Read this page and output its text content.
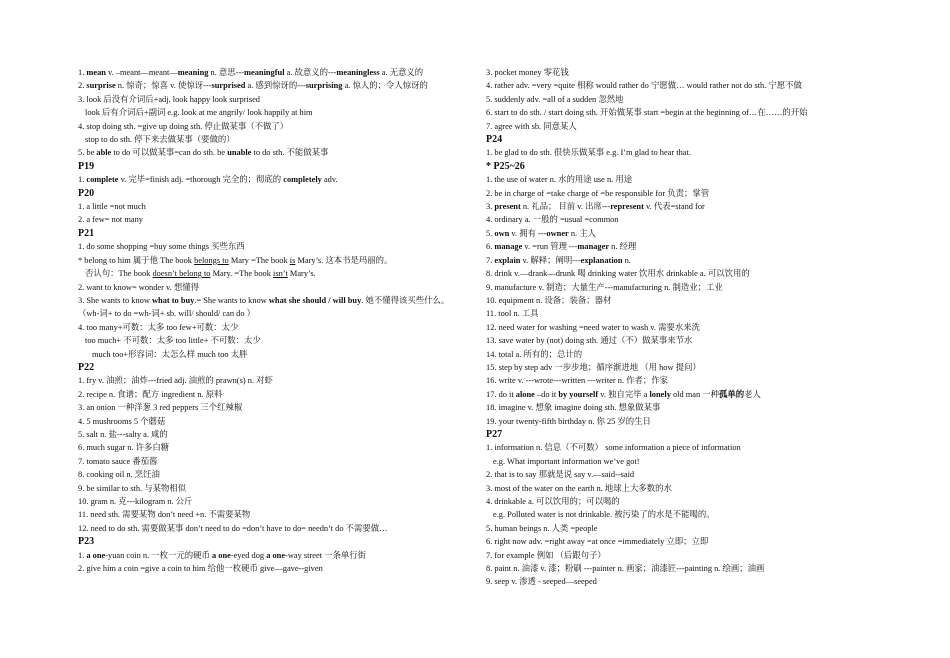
1. mean v. –meant—meant—meaning n. 意思---meaningful a. 故意义的---meaningless a. 无意义的
2. surprise n. 惊奇；惊喜 v. 使惊讶---surprised a. 感到惊讶的---surprising a. 惊人的；令人惊讶的
3. look 后没有介词后+adj. look happy look surprised
look 后有介词后+副词 e.g. look at me angrily/ look happily at him
4. stop doing sth. =give up doing sth. 停止做某事（不做了）
stop to do sth. 停下来去做某事（要做的）
5. be able to do 可以做某事=can do sth. be unable to do sth. 不能做某事
P19
1. complete v. 完毕=finish adj. =thorough 完全的；彻底的 completely adv.
P20
1. a little =not much
2. a few= not many
P21
1. do some shopping =buy some things 买些东西
* belong to him 属于他 The book belongs to Mary =The book is Mary’s. 这本书是玛丽的。
否认句：The book doesn’t belong to Mary. =The book isn’t Mary’s.
2. want to know= wonder v. 想懂得
3. She wants to know what to buy.= She wants to know what she should / will buy. 她不懂得该买些什么。
（wh-词+ to do =wh-词+ sb. will/ should/ can do ）
4. too many+可数：太多 too few+可数：太少
too much+ 不可数：太多 too little+ 不可数：太少
much too+形容词：太怎么样 much too 太胖
P22
1. fry v. 油煎；油炸---fried adj. 油煎的 prawn(s) n. 对虾
2. recipe n. 食谱；配方 ingredient n. 原料
3. an onion 一种洋葱 3 red peppers 三个红辣椒
4. 5 mushrooms 5 个蘑菇
5. salt n. 盐---salty a. 咸的
6. much sugar n. 许多白糖
7. tomato sauce 番茄酱
8. cooking oil n. 烹饪油
9. be similar to sth. 与某物相似
10. gram n. 克---kilogram n. 公斤
11. need sth. 需要某物 don’t need +n. 不需要某物
12. need to do sth. 需要做某事 don’t need to do =don’t have to do= needn’t do 不需要做…
P23
1. a one-yuan coin n. 一枚一元的硬币 a one-eyed dog a one-way street 一条单行街
2. give him a coin =give a coin to him 给他一枚硬币 give—gave--given
3. pocket money 零花钱
4. rather adv. =very =quite 相称 would rather do 宁愿做… would rather not do sth. 宁愿不做
5. suddenly adv. =all of a sudden 忽然地
6. start to do sth. / start doing sth. 开始做某事 start =begin at the beginning of…在……的开始
7. agree with sb. 同意某人
P24
1. be glad to do sth. 很快乐做某事 e.g. I’m glad to hear that.
* P25~26
1. the use of water n. 水的用途 use n. 用途
2. be in charge of =take charge of =be responsible for 负责；掌管
3. present n. 礼品； 目前 v. 出席---represent v. 代表=stand for
4. ordinary a. 一般的 =usual =common
5. own v. 拥有 ---owner n. 主人
6. manage v. =run 管理 ---manager n. 经理
7. explain v. 解释；阐明---explanation n.
8. drink v.—drank—drunk 喝 drinking water 饮用水 drinkable a. 可以饮用的
9. manufacture v. 制造；大量生产---manufacturing n. 制造业；工业
10. equipment n. 设备；装备；器材
11. tool n. 工具
12. need water for washing =need water to wash v. 需要水来洗
13. save water by (not) doing sth. 通过（不）做某事来节水
14. total a. 所有的；总计的
15. step by step adv 一步步地；循序渐进地 （用 how 提问）
16. write v. ---wrote---written ---writer n. 作者；作家
17. do it alone –do it by yourself v. 独自完毕 a lonely old man 一种孤单的老人
18. imagine v. 想象 imagine doing sth. 想象做某事
19. your twenty-fifth birthday n. 你 25 岁的生日
P27
1. information n. 信息（不可数） some information a piece of information
e.g. What important information we’ve got!
2. that is to say 那就是说 say v.—said--said
3. most of the water on the earth n. 地球上大多数的水
4. drinkable a. 可以饮用的；可以喝的
e.g. Polluted water is not drinkable. 被污染了的水是不能喝的。
5. human beings n. 人类 =people
6. right now adv. =right away =at once =immediately 立即；立即
7. for example 例如 （后跟句子）
8. paint n. 油漆 v. 漆；粉刷 ---painter n. 画家；油漆匠---painting n. 绘画；油画
9. seep v. 渗透 - seeped—seeped
